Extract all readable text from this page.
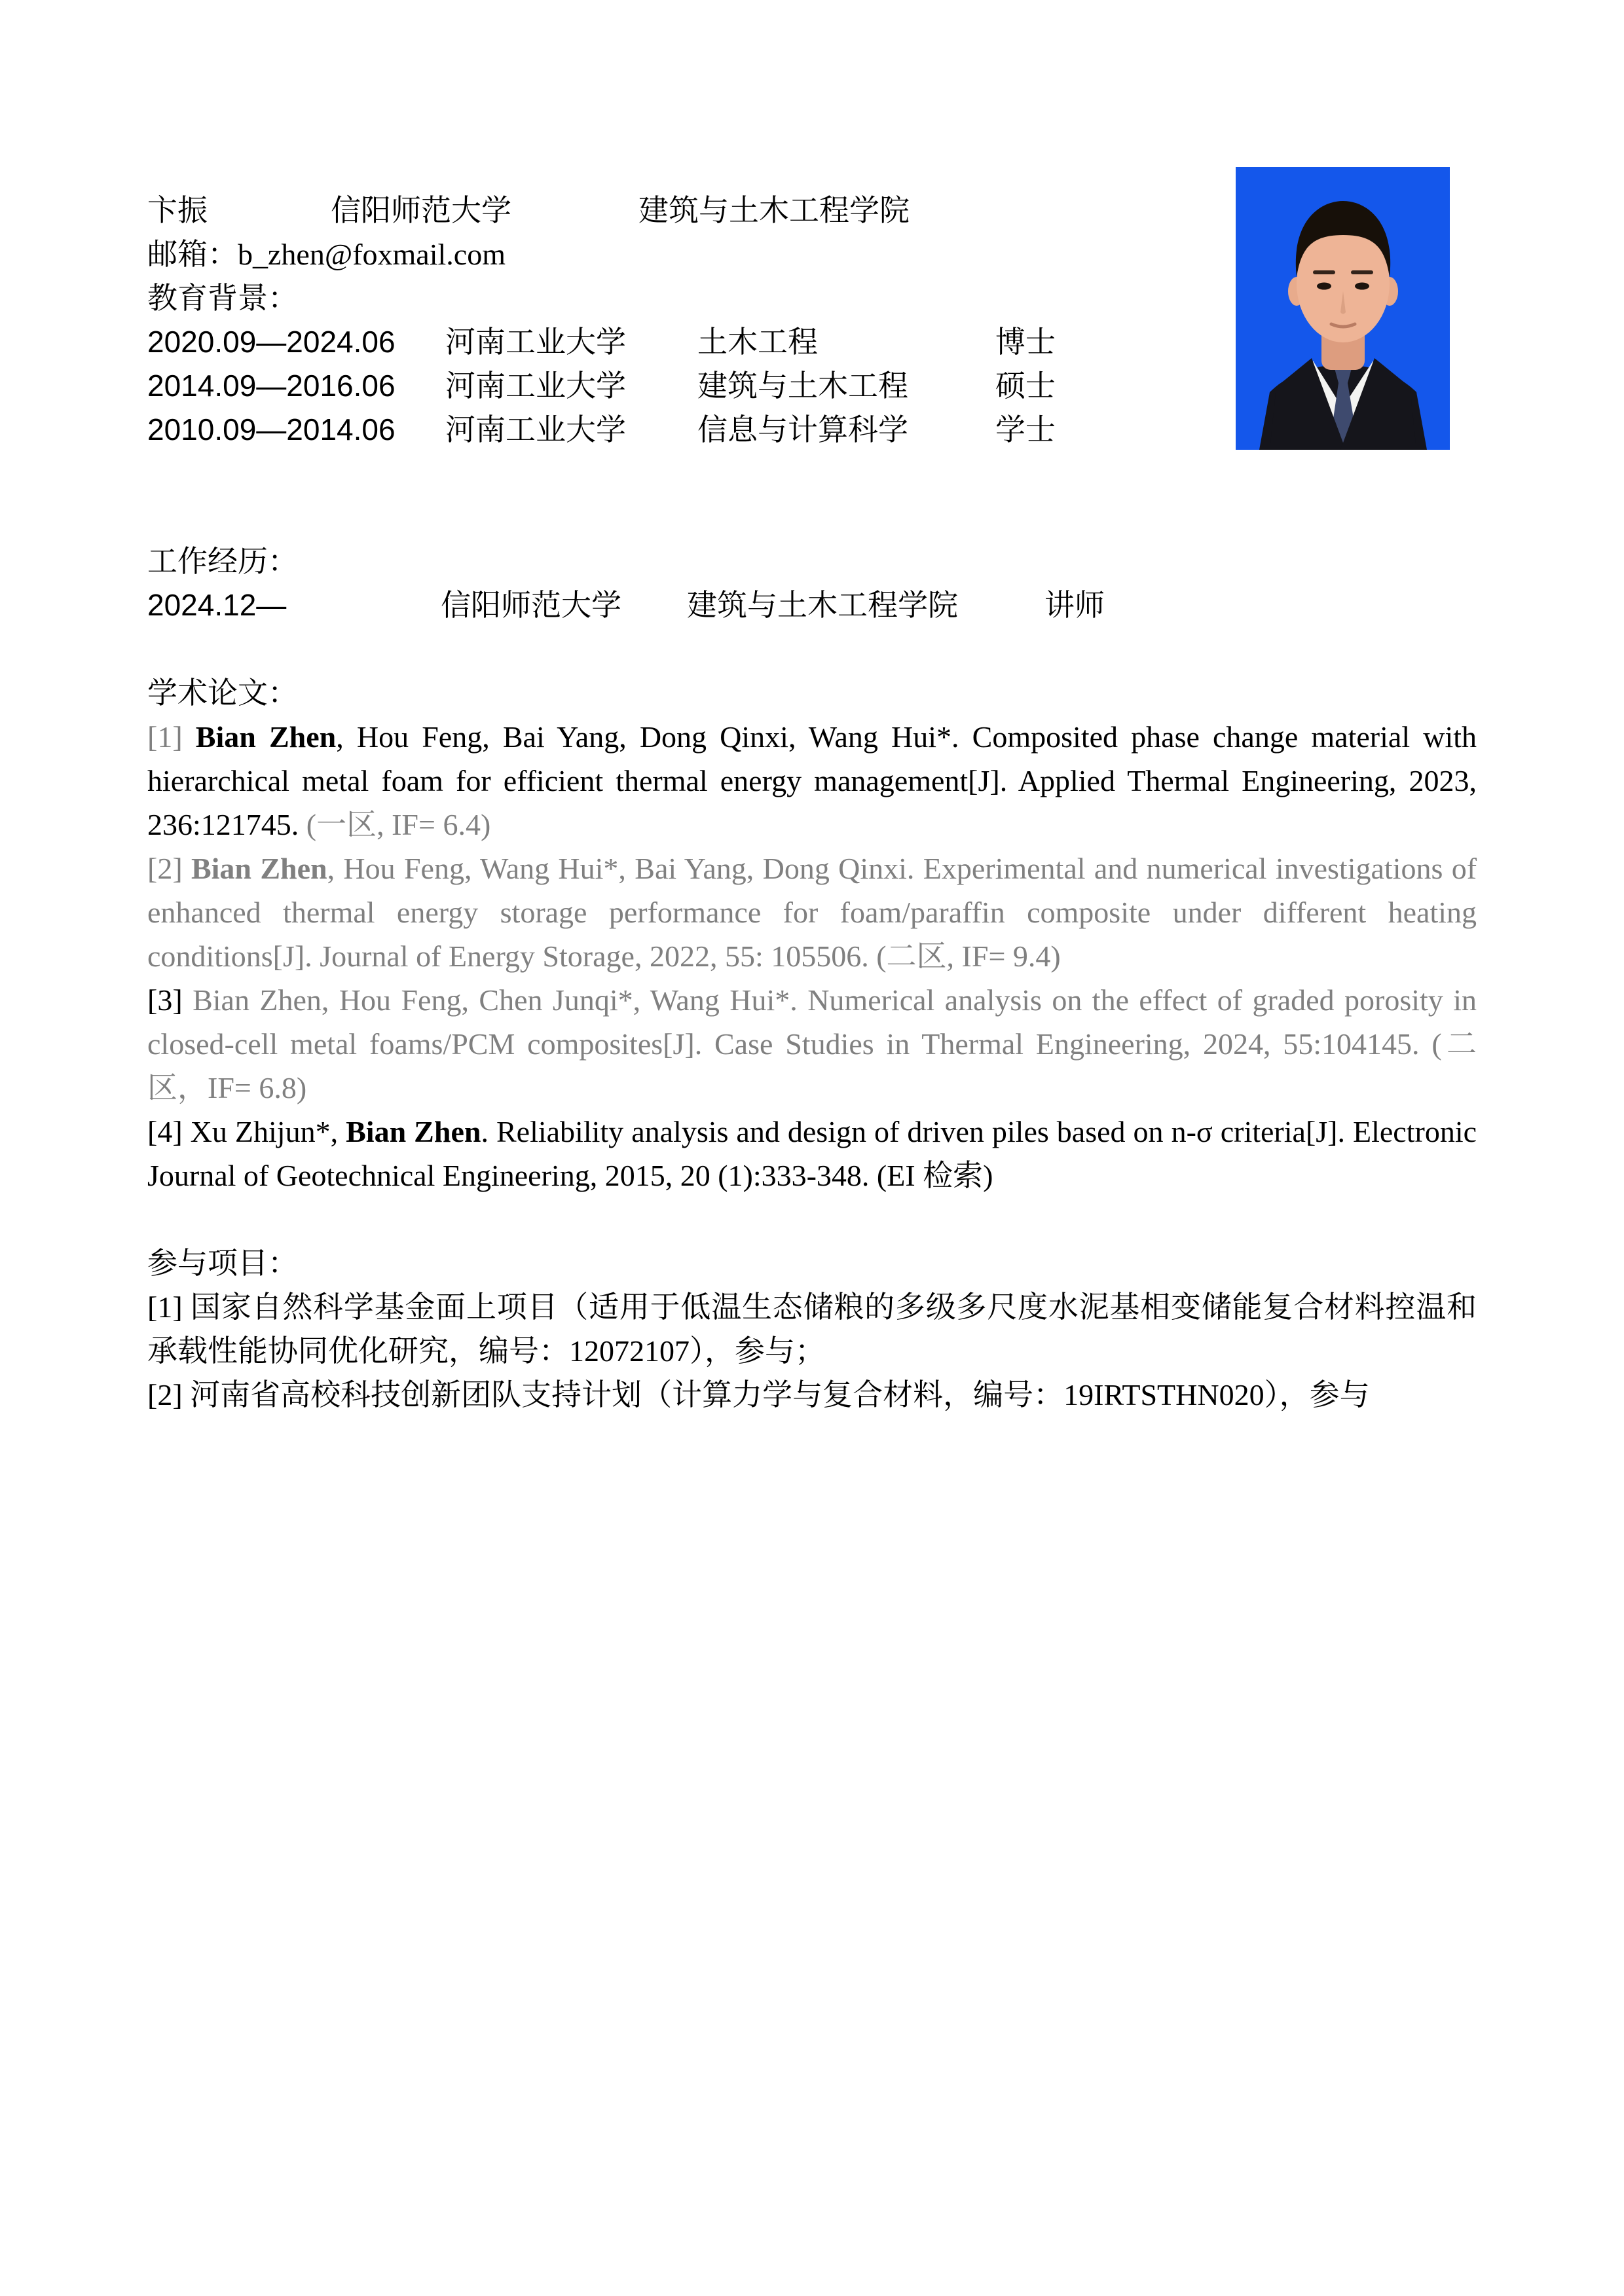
卞振	信阳师范大学	建筑与土木工程学院

邮箱：b_zhen@foxmail.com

教育背景：

2020.09—2024.06	河南工业大学	土木工程	博士
2014.09—2016.06	河南工业大学	建筑与土木工程	硕士
2010.09—2014.06	河南工业大学	信息与计算科学	学士

工作经历：

2024.12—	信阳师范大学	建筑与土木工程学院	讲师

学术论文：

[1] Bian Zhen, Hou Feng, Bai Yang, Dong Qinxi, Wang Hui*. Composited phase change material with hierarchical metal foam for efficient thermal energy management[J]. Applied Thermal Engineering, 2023, 236:121745. (一区, IF= 6.4)

[2] Bian Zhen, Hou Feng, Wang Hui*, Bai Yang, Dong Qinxi. Experimental and numerical investigations of enhanced thermal energy storage performance for foam/paraffin composite under different heating conditions[J]. Journal of Energy Storage, 2022, 55: 105506. (二区, IF= 9.4)

[3] Bian Zhen, Hou Feng, Chen Junqi*, Wang Hui*. Numerical analysis on the effect of graded porosity in closed-cell metal foams/PCM composites[J]. Case Studies in Thermal Engineering, 2024, 55:104145. (二区，IF= 6.8)

[4] Xu Zhijun*, Bian Zhen. Reliability analysis and design of driven piles based on n-σ criteria[J]. Electronic Journal of Geotechnical Engineering, 2015, 20 (1):333-348. (EI 检索)

参与项目：

[1] 国家自然科学基金面上项目（适用于低温生态储粮的多级多尺度水泥基相变储能复合材料控温和承载性能协同优化研究，编号：12072107），参与；

[2] 河南省高校科技创新团队支持计划（计算力学与复合材料，编号：19IRTSTHN020），参与
